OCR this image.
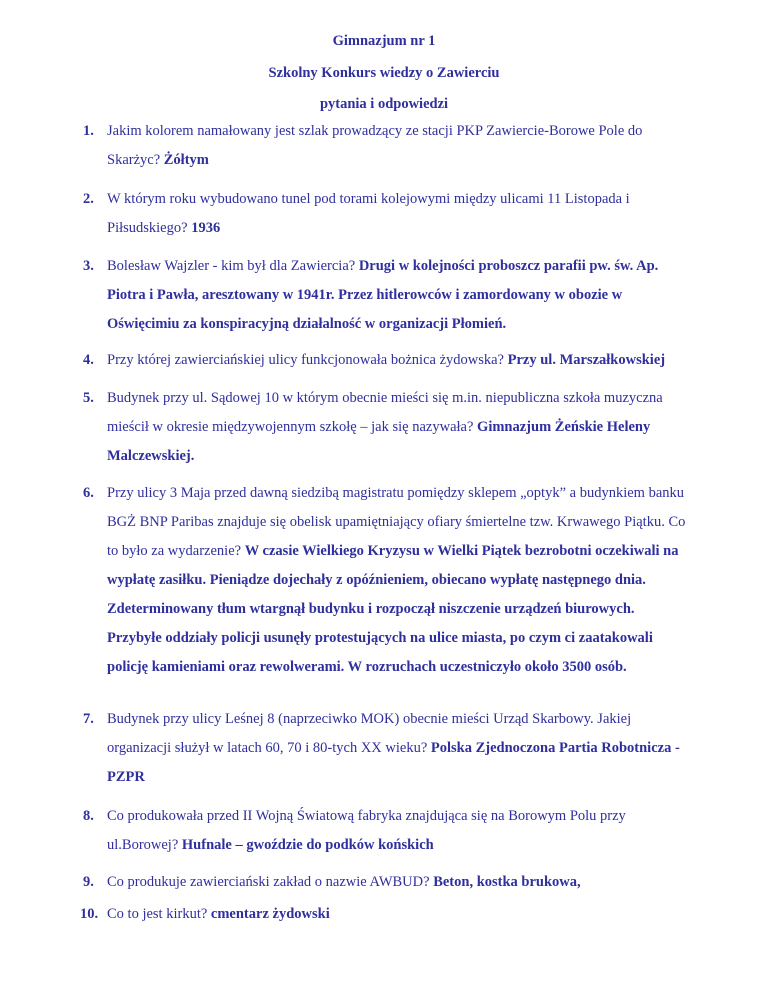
Gimnazjum nr 1
Szkolny Konkurs wiedzy o Zawierciu
pytania i odpowiedzi
1. Jakim kolorem namałowany jest szlak prowadzący ze stacji PKP Zawiercie-Borowe Pole do
Skarżyc? Żółtym
2. W którym roku wybudowano tunel pod torami kolejowymi między ulicami 11 Listopada i
Piłsudskiego? 1936
3. Bolesław Wajzler - kim był dla Zawiercia? Drugi w kolejności proboszcz parafii pw. św. Ap.
Piotra i Pawła, aresztowany w 1941r. Przez hitlerowców i zamordowany w obozie w
Oświęcimiu za konspiracyjną działalność w organizacji Płomień.
4. Przy której zawierciańskiej ulicy funkcjonowała bożnica żydowska? Przy ul. Marszałkowskiej
5. Budynek przy ul. Sądowej 10 w którym obecnie mieści się m.in. niepubliczna szkoła muzyczna
mieścił w okresie międzywojennym szkołę – jak się nazywała? Gimnazjum Żeńskie Heleny
Malczewskiej.
6. Przy ulicy 3 Maja przed dawną siedzibą magistratu pomiędzy sklepem „optyk” a budynkiem banku
BGŻ BNP Paribas znajduje się obelisk upamiętniający ofiary śmiertelne tzw. Krwawego Piątku. Co
to było za wydarzenie? W czasie Wielkiego Kryzysu w Wielki Piątek bezrobotni oczekiwali na
wypłatę zasiłku. Pieniądze dojechały z opóźnieniem, obiecano wypłatę następnego dnia.
Zdeterminowany tłum wtargnął budynku i rozpoczął niszczenie urządzeń biurowych.
Przybyłe oddziały policji usunęły protestujących na ulice miasta, po czym ci zaatakowali
policję kamieniami oraz rewolwerami. W rozruchach uczestniczyło około 3500 osób.
7. Budynek przy ulicy Leśnej 8 (naprzeciwko MOK) obecnie mieści Urząd Skarbowy. Jakiej
organizacji służył w latach 60, 70 i 80-tych XX wieku? Polska Zjednoczona Partia Robotnicza -
PZPR
8. Co produkowała przed II Wojną Światową fabryka znajdująca się na Borowym Polu przy
ul.Borowej? Hufnale – gwoździe do podków końskich
9. Co produkuje zawierciański zakład o nazwie AWBUD? Beton, kostka brukowa,
10. Co to jest kirkut? cmentarz żydowski
